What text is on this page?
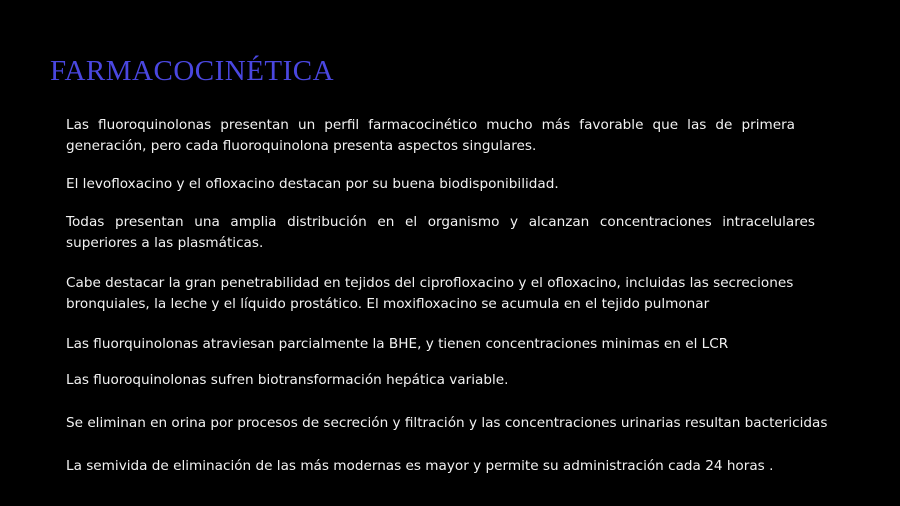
FARMACOCINÉTICA
Las fluoroquinolonas presentan un perfil farmacocinético mucho más favorable que las de primera generación, pero cada fluoroquinolona presenta aspectos singulares.
El levofloxacino y el ofloxacino destacan por su buena biodisponibilidad.
Todas presentan una amplia distribución en el organismo y alcanzan concentraciones intracelulares superiores a las plasmáticas.
Cabe destacar la gran penetrabilidad en tejidos del ciprofloxacino y el ofloxacino, incluidas las secreciones bronquiales, la leche y el líquido prostático. El moxifloxacino se acumula en el tejido pulmonar
Las fluorquinolonas atraviesan parcialmente la BHE, y tienen concentraciones minimas en el LCR
Las fluoroquinolonas sufren biotransformación hepática variable.
Se eliminan en orina por procesos de secreción y filtración y las concentraciones urinarias resultan bactericidas
La semivida de eliminación de las más modernas es mayor y permite su administración cada 24 horas .
